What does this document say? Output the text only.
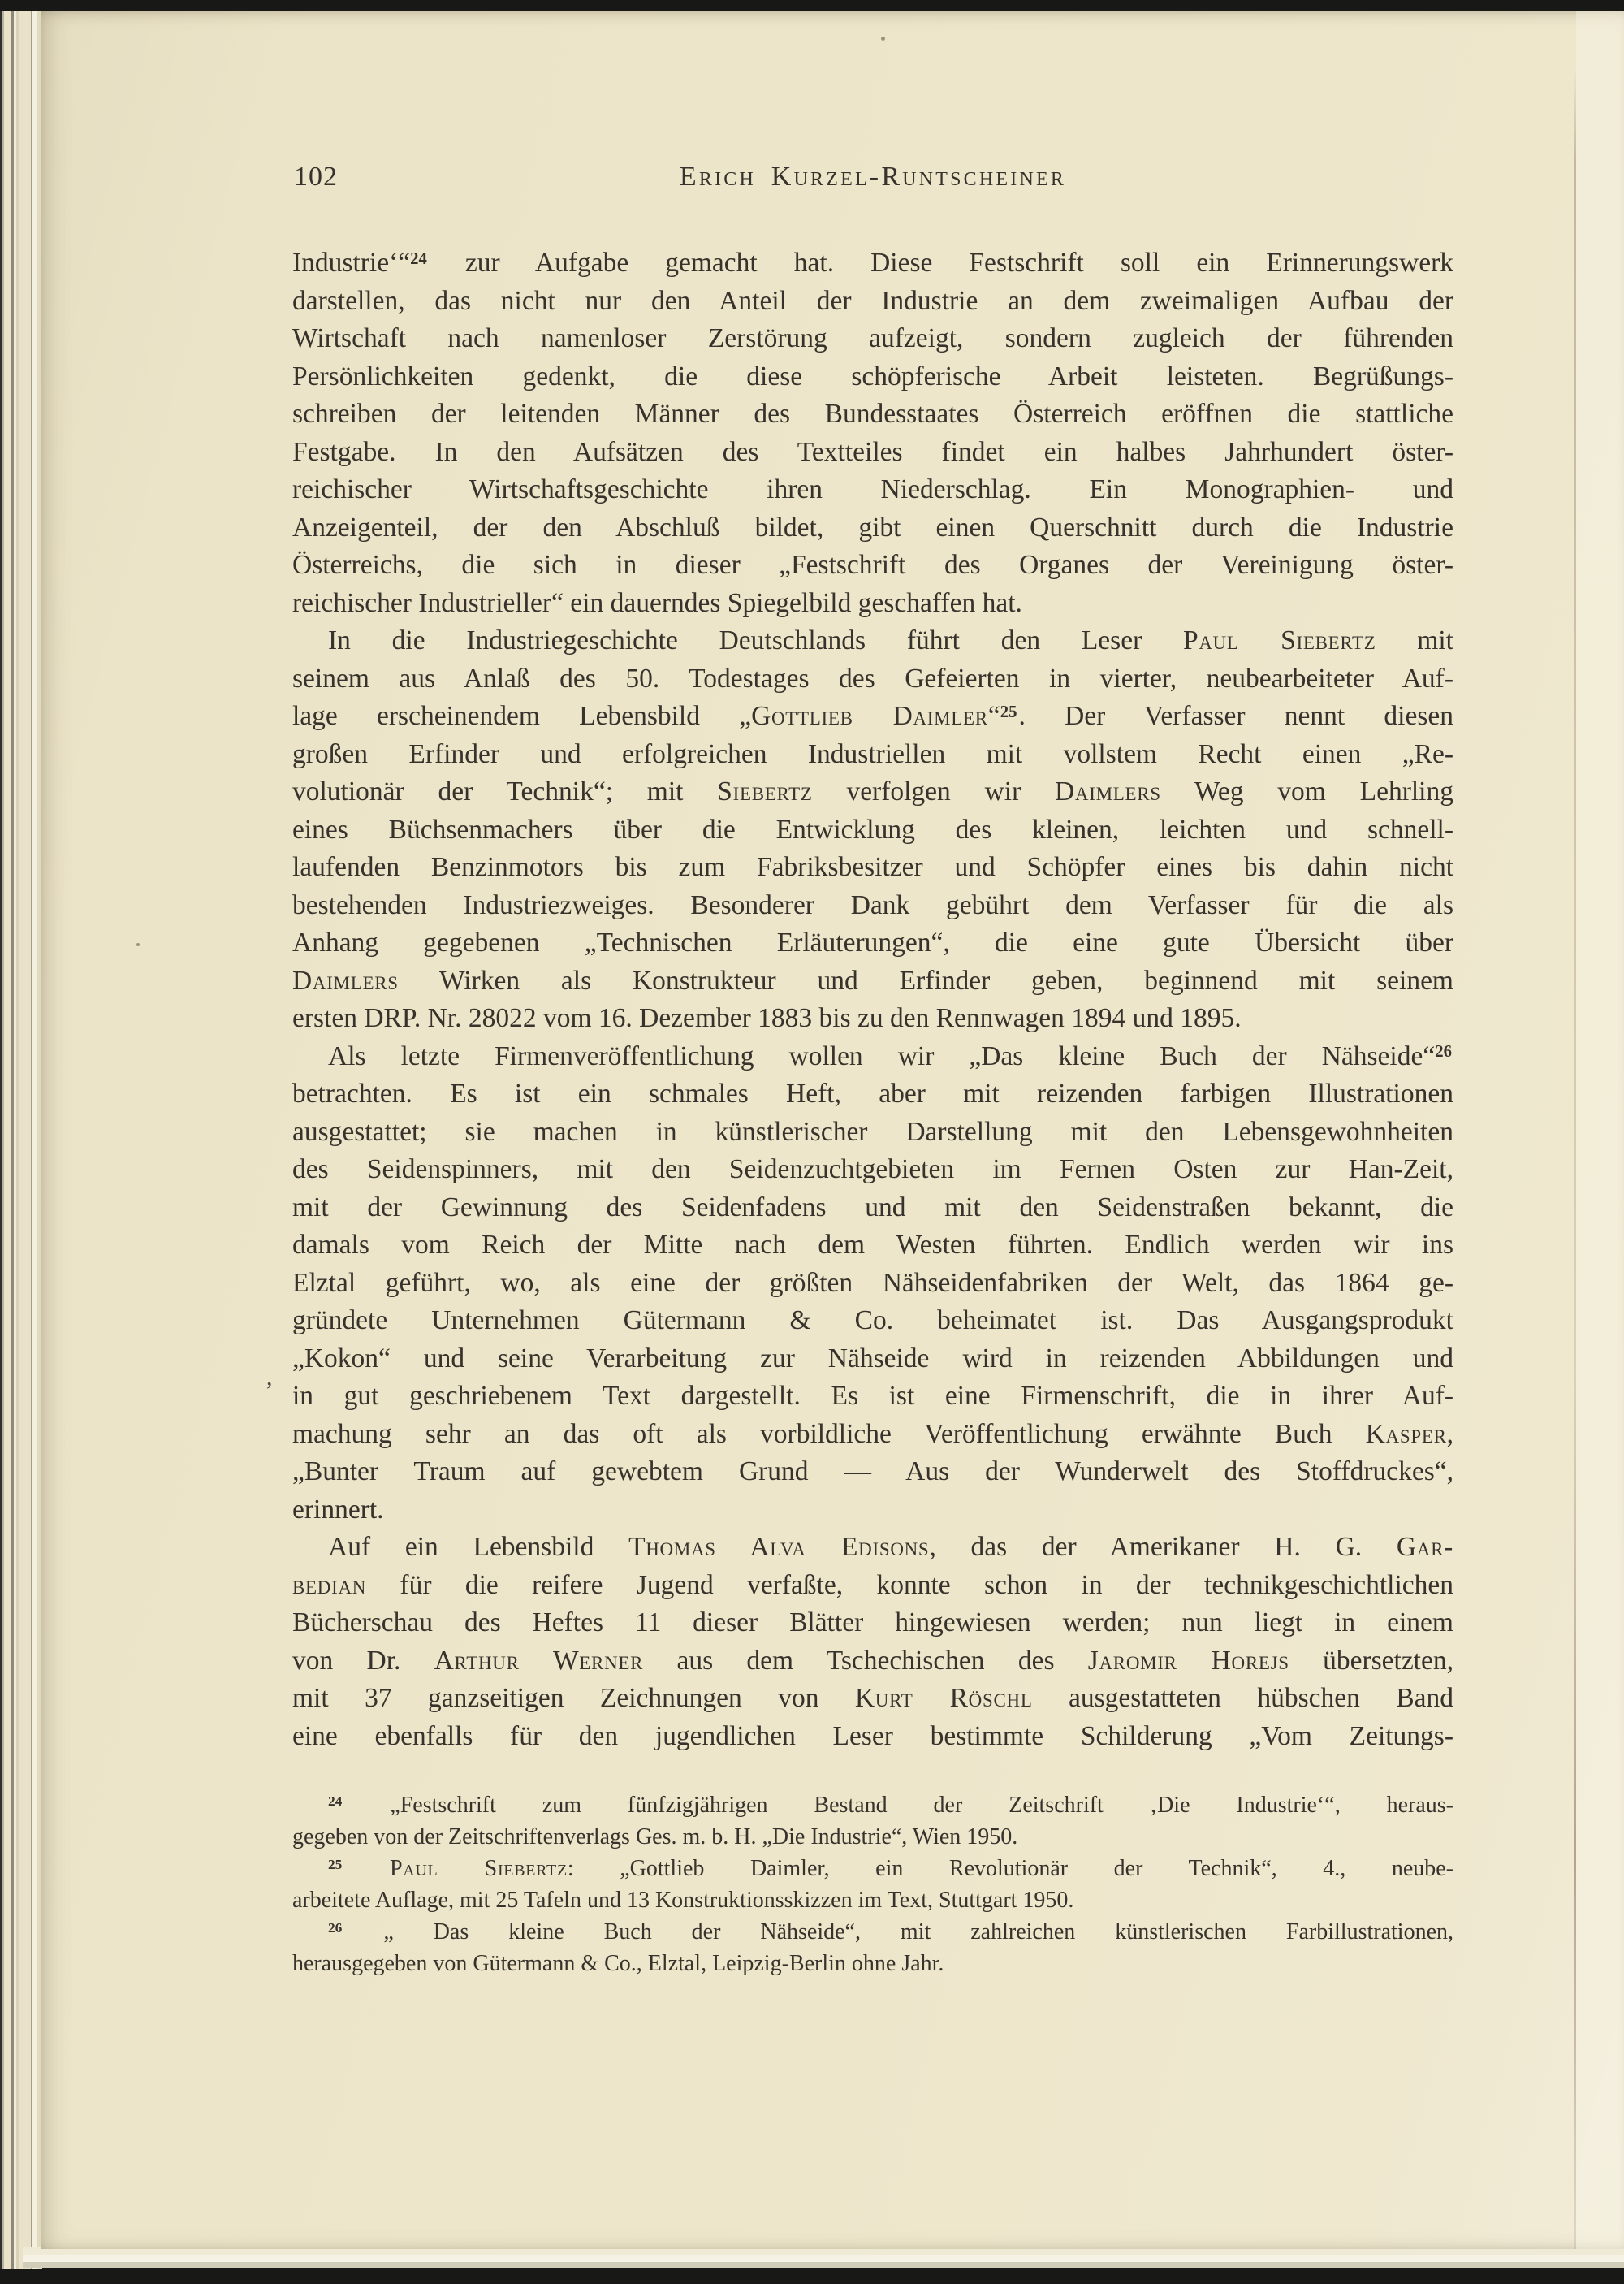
102	Erich Kurzel-Runtscheiner
Industrie‘“$^{24}$ zur Aufgabe gemacht hat. Diese Festschrift soll ein Erinnerungswerk
darstellen, das nicht nur den Anteil der Industrie an dem zweimaligen Aufbau der
Wirtschaft nach namenloser Zerstörung aufzeigt, sondern zugleich der führenden
Persönlichkeiten gedenkt, die diese schöpferische Arbeit leisteten. Begrüßungs-
schreiben der leitenden Männer des Bundesstaates Österreich eröffnen die stattliche
Festgabe. In den Aufsätzen des Textteiles findet ein halbes Jahrhundert öster-
reichischer Wirtschaftsgeschichte ihren Niederschlag. Ein Monographien- und
Anzeigenteil, der den Abschluß bildet, gibt einen Querschnitt durch die Industrie
Österreichs, die sich in dieser „Festschrift des Organes der Vereinigung öster-
reichischer Industrieller“ ein dauerndes Spiegelbild geschaffen hat.
In die Industriegeschichte Deutschlands führt den Leser Paul Siebertz mit
seinem aus Anlaß des 50. Todestages des Gefeierten in vierter, neubearbeiteter Auf-
lage erscheinendem Lebensbild „Gottlieb Daimler“$^{25}$. Der Verfasser nennt diesen
großen Erfinder und erfolgreichen Industriellen mit vollstem Recht einen „Re-
volutionär der Technik“; mit Siebertz verfolgen wir Daimlers Weg vom Lehrling
eines Büchsenmachers über die Entwicklung des kleinen, leichten und schnell-
laufenden Benzinmotors bis zum Fabriksbesitzer und Schöpfer eines bis dahin nicht
bestehenden Industriezweiges. Besonderer Dank gebührt dem Verfasser für die als
Anhang gegebenen „Technischen Erläuterungen“, die eine gute Übersicht über
Daimlers Wirken als Konstrukteur und Erfinder geben, beginnend mit seinem
ersten DRP. Nr. 28022 vom 16. Dezember 1883 bis zu den Rennwagen 1894 und 1895.
Als letzte Firmenveröffentlichung wollen wir „Das kleine Buch der Nähseide“$^{26}$
betrachten. Es ist ein schmales Heft, aber mit reizenden farbigen Illustrationen
ausgestattet; sie machen in künstlerischer Darstellung mit den Lebensgewohnheiten
des Seidenspinners, mit den Seidenzuchtgebieten im Fernen Osten zur Han-Zeit,
mit der Gewinnung des Seidenfadens und mit den Seidenstraßen bekannt, die
damals vom Reich der Mitte nach dem Westen führten. Endlich werden wir ins
Elztal geführt, wo, als eine der größten Nähseidenfabriken der Welt, das 1864 ge-
gründete Unternehmen Gütermann & Co. beheimatet ist. Das Ausgangsprodukt
„Kokon“ und seine Verarbeitung zur Nähseide wird in reizenden Abbildungen und
in gut geschriebenem Text dargestellt. Es ist eine Firmenschrift, die in ihrer Auf-
machung sehr an das oft als vorbildliche Veröffentlichung erwähnte Buch Kasper,
„Bunter Traum auf gewebtem Grund — Aus der Wunderwelt des Stoffdruckes“,
erinnert.
Auf ein Lebensbild Thomas Alva Edisons, das der Amerikaner H. G. Gar-
bedian für die reifere Jugend verfaßte, konnte schon in der technikgeschichtlichen
Bücherschau des Heftes 11 dieser Blätter hingewiesen werden; nun liegt in einem
von Dr. Arthur Werner aus dem Tschechischen des Jaromir Horejs übersetzten,
mit 37 ganzseitigen Zeichnungen von Kurt Röschl ausgestatteten hübschen Band
eine ebenfalls für den jugendlichen Leser bestimmte Schilderung „Vom Zeitungs-
$^{24}$ „Festschrift zum fünfzigjährigen Bestand der Zeitschrift ‚Die Industrie‘“, heraus-
gegeben von der Zeitschriftenverlags Ges. m. b. H. „Die Industrie“, Wien 1950.
$^{25}$ Paul Siebertz: „Gottlieb Daimler, ein Revolutionär der Technik“, 4., neube-
arbeitete Auflage, mit 25 Tafeln und 13 Konstruktionsskizzen im Text, Stuttgart 1950.
$^{26}$ „ Das kleine Buch der Nähseide“, mit zahlreichen künstlerischen Farbillustrationen,
herausgegeben von Gütermann & Co., Elztal, Leipzig-Berlin ohne Jahr.
,
